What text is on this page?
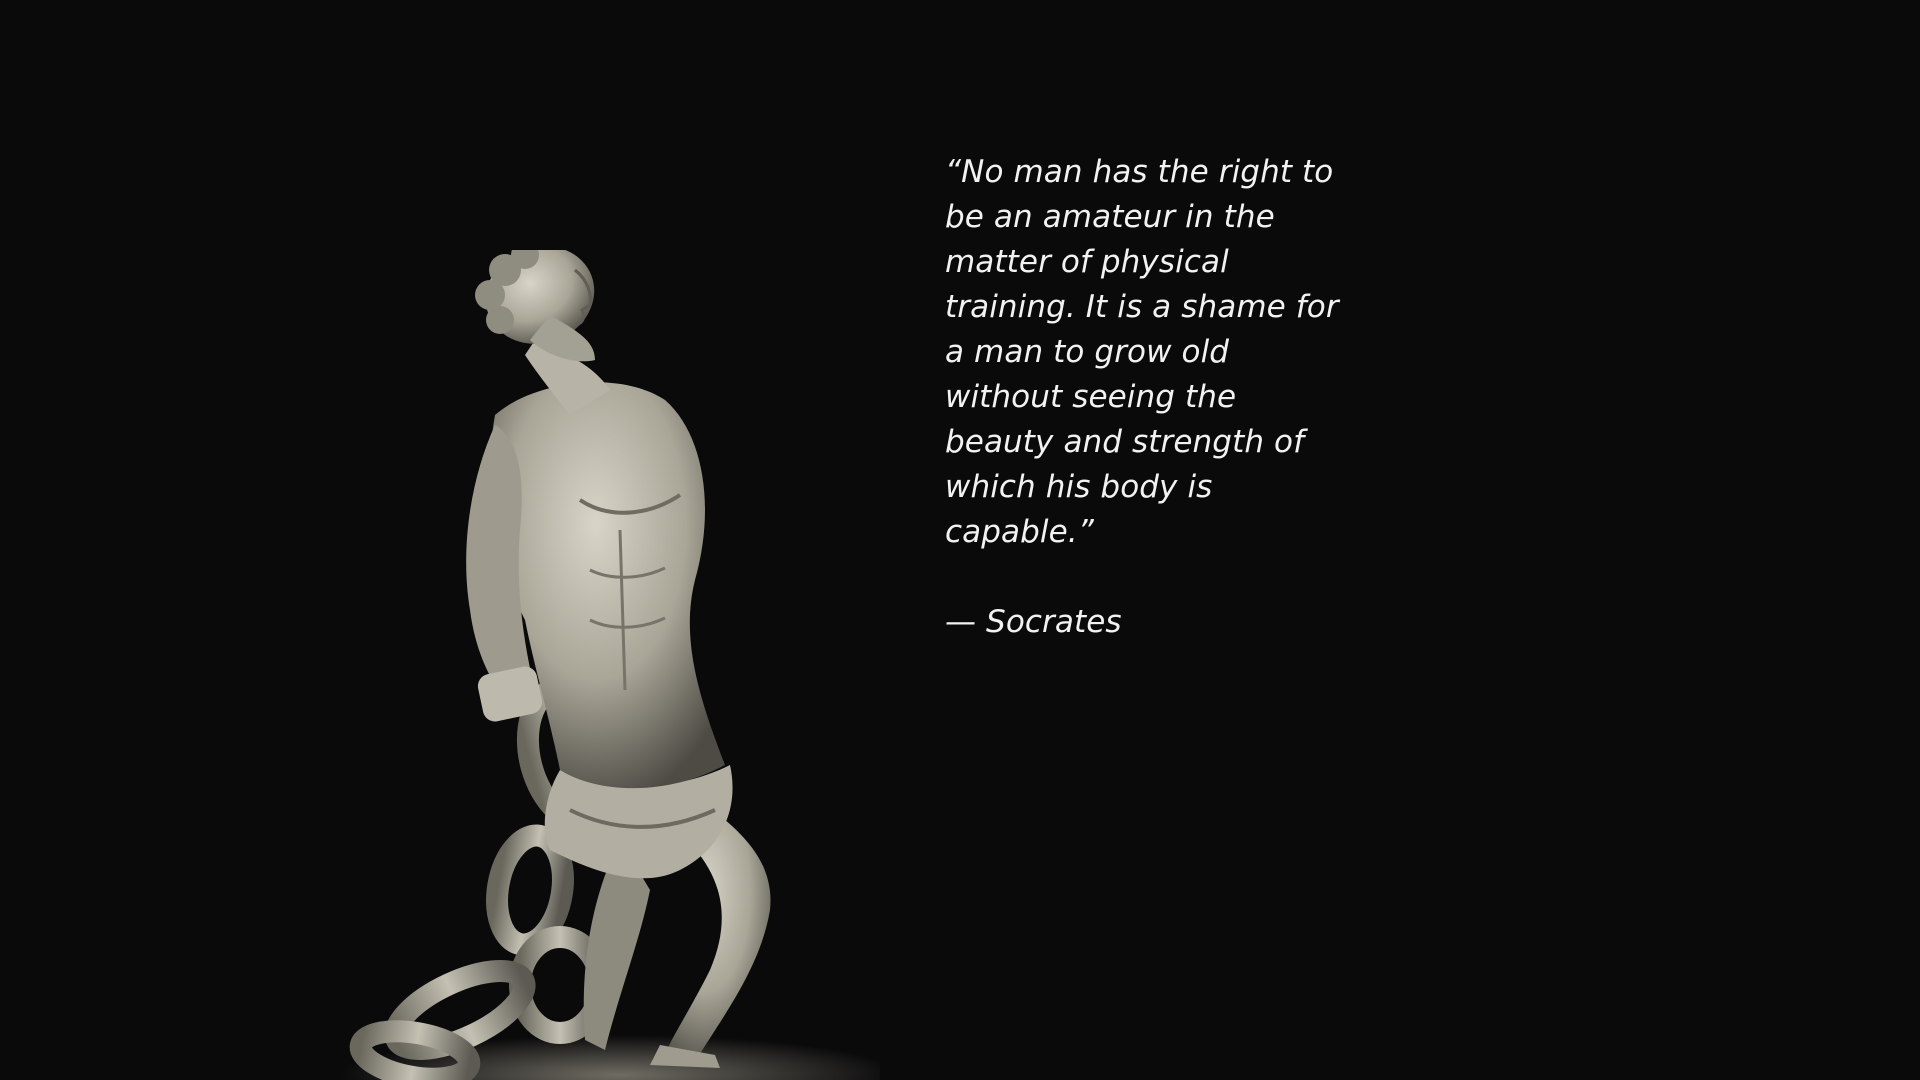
“No man has the right to
be an amateur in the
matter of physical
training. It is a shame for
a man to grow old
without seeing the
beauty and strength of
which his body is
capable.”
— Socrates
